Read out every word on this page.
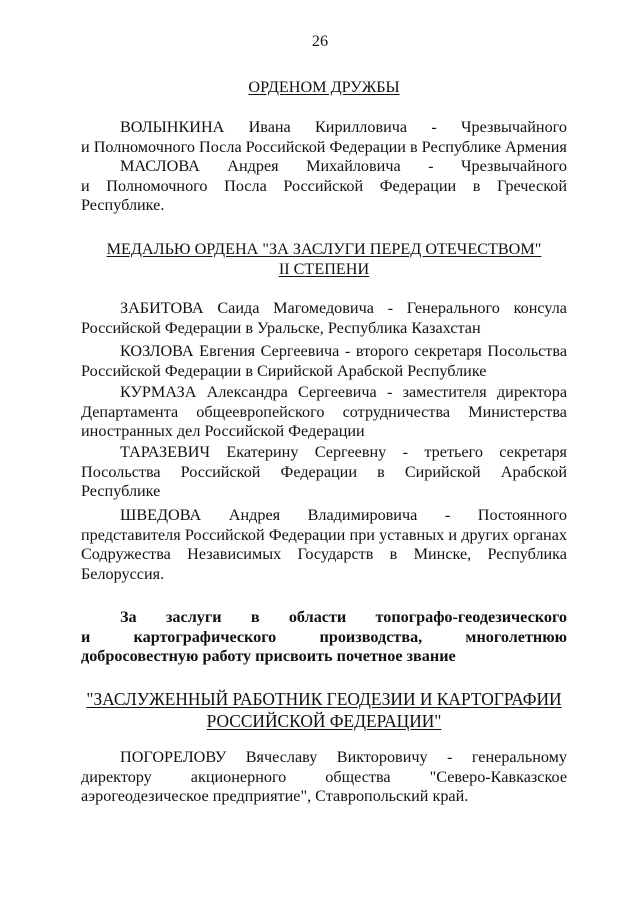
26
ОРДЕНОМ ДРУЖБЫ
ВОЛЫНКИНА Ивана Кирилловича - Чрезвычайного
и Полномочного Посла Российской Федерации в Республике Армения
МАСЛОВА Андрея Михайловича - Чрезвычайного
и Полномочного Посла Российской Федерации в Греческой
Республике.
МЕДАЛЬЮ ОРДЕНА "ЗА ЗАСЛУГИ ПЕРЕД ОТЕЧЕСТВОМ"
II СТЕПЕНИ
ЗАБИТОВА Саида Магомедовича - Генерального консула
Российской Федерации в Уральске, Республика Казахстан
КОЗЛОВА Евгения Сергеевича - второго секретаря Посольства
Российской Федерации в Сирийской Арабской Республике
КУРМАЗА Александра Сергеевича - заместителя директора
Департамента общеевропейского сотрудничества Министерства
иностранных дел Российской Федерации
ТАРАЗЕВИЧ Екатерину Сергеевну - третьего секретаря
Посольства Российской Федерации в Сирийской Арабской
Республике
ШВЕДОВА Андрея Владимировича - Постоянного
представителя Российской Федерации при уставных и других органах
Содружества Независимых Государств в Минске, Республика
Белоруссия.
За заслуги в области топографо-геодезического
и картографического производства, многолетнюю
добросовестную работу присвоить почетное звание
"ЗАСЛУЖЕННЫЙ РАБОТНИК ГЕОДЕЗИИ И КАРТОГРАФИИ
РОССИЙСКОЙ ФЕДЕРАЦИИ"
ПОГОРЕЛОВУ Вячеславу Викторовичу - генеральному
директору акционерного общества "Северо-Кавказское
аэрогеодезическое предприятие", Ставропольский край.
